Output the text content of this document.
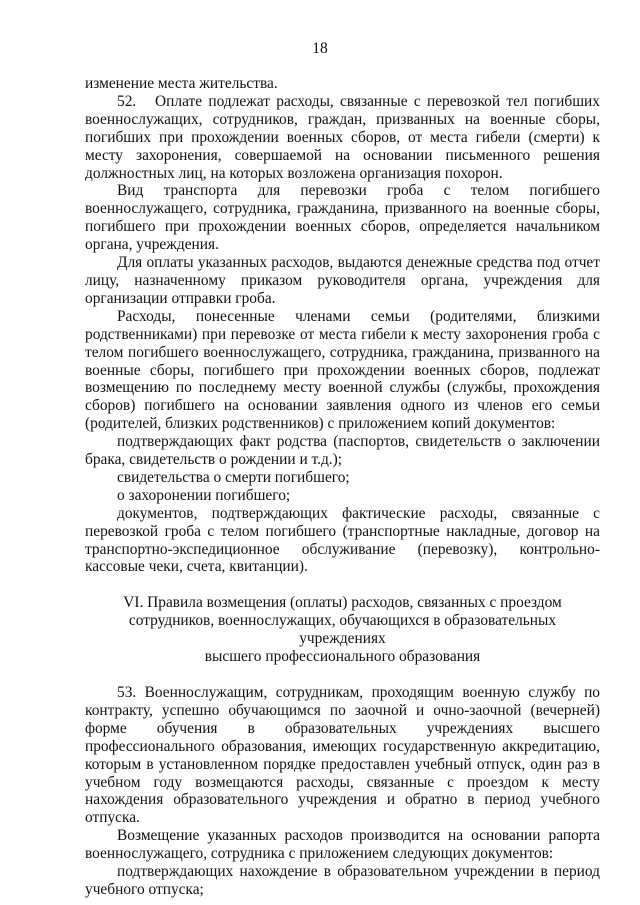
18

изменение места жительства.

52.   Оплате подлежат расходы, связанные с перевозкой тел погибших военнослужащих, сотрудников, граждан, призванных на военные сборы, погибших при прохождении военных сборов, от места гибели (смерти) к месту захоронения, совершаемой на основании письменного решения должностных лиц, на которых возложена организация похорон.

Вид транспорта для перевозки гроба с телом погибшего военнослужащего, сотрудника, гражданина, призванного на военные сборы, погибшего при прохождении военных сборов, определяется начальником органа, учреждения.

Для оплаты указанных расходов, выдаются денежные средства под отчет лицу, назначенному приказом руководителя органа, учреждения для организации отправки гроба.

Расходы, понесенные членами семьи (родителями, близкими родственниками) при перевозке от места гибели к месту захоронения гроба с телом погибшего военнослужащего, сотрудника, гражданина, призванного на военные сборы, погибшего при прохождении военных сборов, подлежат возмещению по последнему месту военной службы (службы, прохождения сборов) погибшего на основании заявления одного из членов его семьи (родителей, близких родственников) с приложением копий документов:

подтверждающих факт родства (паспортов, свидетельств о заключении брака, свидетельств о рождении и т.д.);

свидетельства о смерти погибшего;

о захоронении погибшего;

документов, подтверждающих фактические расходы, связанные с перевозкой гроба с телом погибшего (транспортные накладные, договор на транспортно-экспедиционное обслуживание (перевозку), контрольно-кассовые чеки, счета, квитанции).

VI. Правила возмещения (оплаты) расходов, связанных с проездом
сотрудников, военнослужащих, обучающихся в образовательных учреждениях
высшего профессионального образования

53. Военнослужащим, сотрудникам, проходящим военную службу по контракту, успешно обучающимся по заочной и очно-заочной (вечерней) форме обучения в образовательных учреждениях высшего профессионального образования, имеющих государственную аккредитацию, которым в установленном порядке предоставлен учебный отпуск, один раз в учебном году возмещаются расходы, связанные с проездом к месту нахождения образовательного учреждения и обратно в период учебного отпуска.

Возмещение указанных расходов производится на основании рапорта военнослужащего, сотрудника с приложением следующих документов:

подтверждающих нахождение в образовательном учреждении в период учебного отпуска;
